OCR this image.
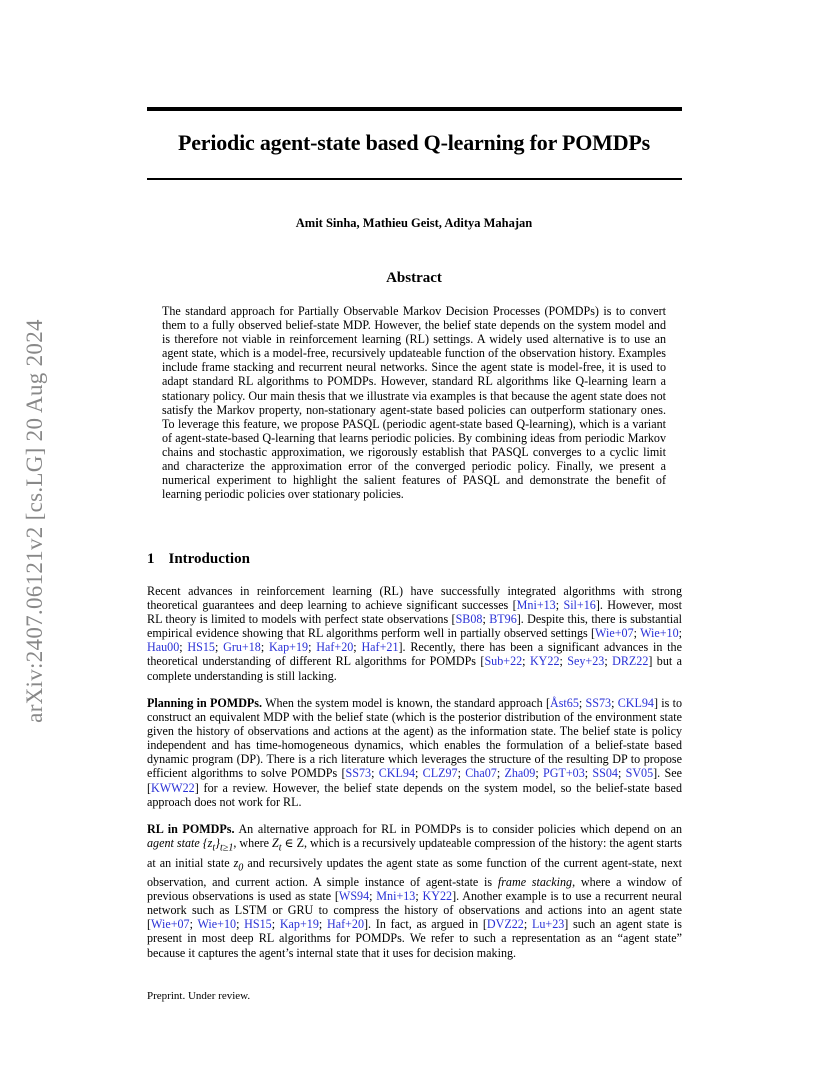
arXiv:2407.06121v2 [cs.LG] 20 Aug 2024
Periodic agent-state based Q-learning for POMDPs
Amit Sinha, Mathieu Geist, Aditya Mahajan
Abstract

The standard approach for Partially Observable Markov Decision Processes (POMDPs) is to convert them to a fully observed belief-state MDP. However, the belief state depends on the system model and is therefore not viable in reinforcement learning (RL) settings. A widely used alternative is to use an agent state, which is a model-free, recursively updateable function of the observation history. Examples include frame stacking and recurrent neural networks. Since the agent state is model-free, it is used to adapt standard RL algorithms to POMDPs. However, standard RL algorithms like Q-learning learn a stationary policy. Our main thesis that we illustrate via examples is that because the agent state does not satisfy the Markov property, non-stationary agent-state based policies can outperform stationary ones. To leverage this feature, we propose PASQL (periodic agent-state based Q-learning), which is a variant of agent-state-based Q-learning that learns periodic policies. By combining ideas from periodic Markov chains and stochastic approximation, we rigorously establish that PASQL converges to a cyclic limit and characterize the approximation error of the converged periodic policy. Finally, we present a numerical experiment to highlight the salient features of PASQL and demonstrate the benefit of learning periodic policies over stationary policies.

1 Introduction

Recent advances in reinforcement learning (RL) have successfully integrated algorithms with strong theoretical guarantees and deep learning to achieve significant successes [Mni+13; Sil+16]. However, most RL theory is limited to models with perfect state observations [SB08; BT96]. Despite this, there is substantial empirical evidence showing that RL algorithms perform well in partially observed settings [Wie+07; Wie+10; Hau00; HS15; Gru+18; Kap+19; Haf+20; Haf+21]. Recently, there has been a significant advances in the theoretical understanding of different RL algorithms for POMDPs [Sub+22; KY22; Sey+23; DRZ22] but a complete understanding is still lacking.

Planning in POMDPs. When the system model is known, the standard approach [Åst65; SS73; CKL94] is to construct an equivalent MDP with the belief state (which is the posterior distribution of the environment state given the history of observations and actions at the agent) as the information state. The belief state is policy independent and has time-homogeneous dynamics, which enables the formulation of a belief-state based dynamic program (DP). There is a rich literature which leverages the structure of the resulting DP to propose efficient algorithms to solve POMDPs [SS73; CKL94; CLZ97; Cha07; Zha09; PGT+03; SS04; SV05]. See [KWW22] for a review. However, the belief state depends on the system model, so the belief-state based approach does not work for RL.

RL in POMDPs. An alternative approach for RL in POMDPs is to consider policies which depend on an agent state $\{z_t\}_{t\ge 1}$, where $Z_t$ ∈ Z, which is a recursively updateable compression of the history: the agent starts at an initial state $z_0$ and recursively updates the agent state as some function of the current agent-state, next observation, and current action. A simple instance of agent-state is frame stacking, where a window of previous observations is used as state [WS94; Mni+13; KY22]. Another example is to use a recurrent neural network such as LSTM or GRU to compress the history of observations and actions into an agent state [Wie+07; Wie+10; HS15; Kap+19; Haf+20]. In fact, as argued in [DVZ22; Lu+23] such an agent state is present in most deep RL algorithms for POMDPs. We refer to such a representation as an “agent state” because it captures the agent’s internal state that it uses for decision making.

Preprint. Under review.
